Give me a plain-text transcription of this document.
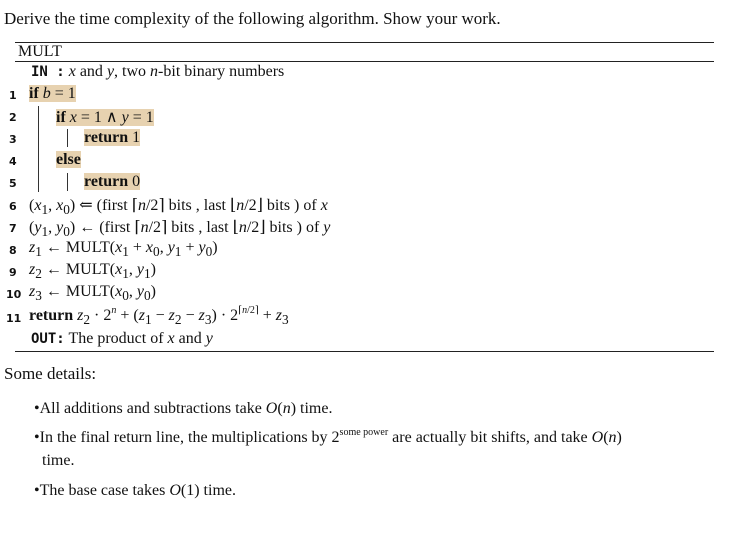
Derive the time complexity of the following algorithm. Show your work.
MULT
IN : x and y, two n-bit binary numbers
1 if b = 1
2	if x = 1 ∧ y = 1
3	return 1
4	else
5	return 0
6 ($x_1$, $x_0$) ⇐ (first ⌈n/2⌉ bits , last ⌊n/2⌋ bits ) of x
7 ($y_1$, $y_0$) ← (first ⌈n/2⌉ bits , last ⌊n/2⌋ bits ) of y
8 $z_1$ ← $MULT(x_1 + x_0$, $y_1 + y_0$)
9 $z_2$ ← $MULT(x_1$, $y_1$)
10 $z_3$ ← $MULT(x_0$, $y_0$)
11 return $z_2 \cdot 2^n + (z_1 - z_2 - z_3) \cdot 2^{⌈n/2⌉} + z_3$
OUT: The product of x and y
Some details:
•All additions and subtractions take O(n) time.
•In the final return line, the multiplications by $2^{some power}$ are actually bit shifts, and take O(n)
time.
•The base case takes O(1) time.
